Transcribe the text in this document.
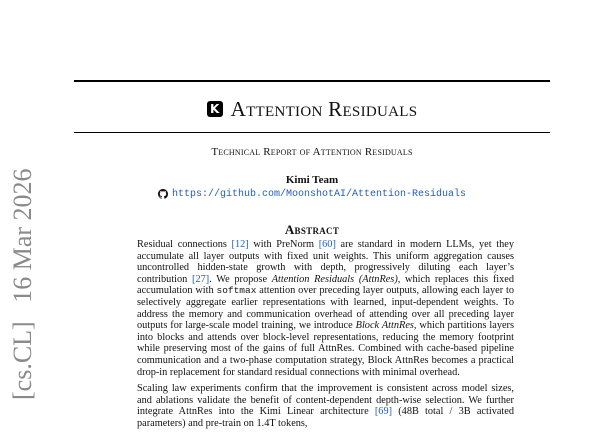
[cs.CL] 16 Mar 2026
K Attention Residuals
Technical Report of Attention Residuals
Kimi Team
https://github.com/MoonshotAI/Attention-Residuals
Abstract

Residual connections [12] with PreNorm [60] are standard in modern LLMs, yet they accumulate all layer outputs with fixed unit weights. This uniform aggregation causes uncontrolled hidden-state growth with depth, progressively diluting each layer’s contribution [27]. We propose Attention Residuals (AttnRes), which replaces this fixed accumulation with softmax attention over preceding layer outputs, allowing each layer to selectively aggregate earlier representations with learned, input-dependent weights. To address the memory and communication overhead of attending over all preceding layer outputs for large-scale model training, we introduce Block AttnRes, which partitions layers into blocks and attends over block-level representations, reducing the memory footprint while preserving most of the gains of full AttnRes. Combined with cache-based pipeline communication and a two-phase computation strategy, Block AttnRes becomes a practical drop-in replacement for standard residual connections with minimal overhead.

Scaling law experiments confirm that the improvement is consistent across model sizes, and ablations validate the benefit of content-dependent depth-wise selection. We further integrate AttnRes into the Kimi Linear architecture [69] (48B total / 3B activated parameters) and pre-train on 1.4T tokens,
